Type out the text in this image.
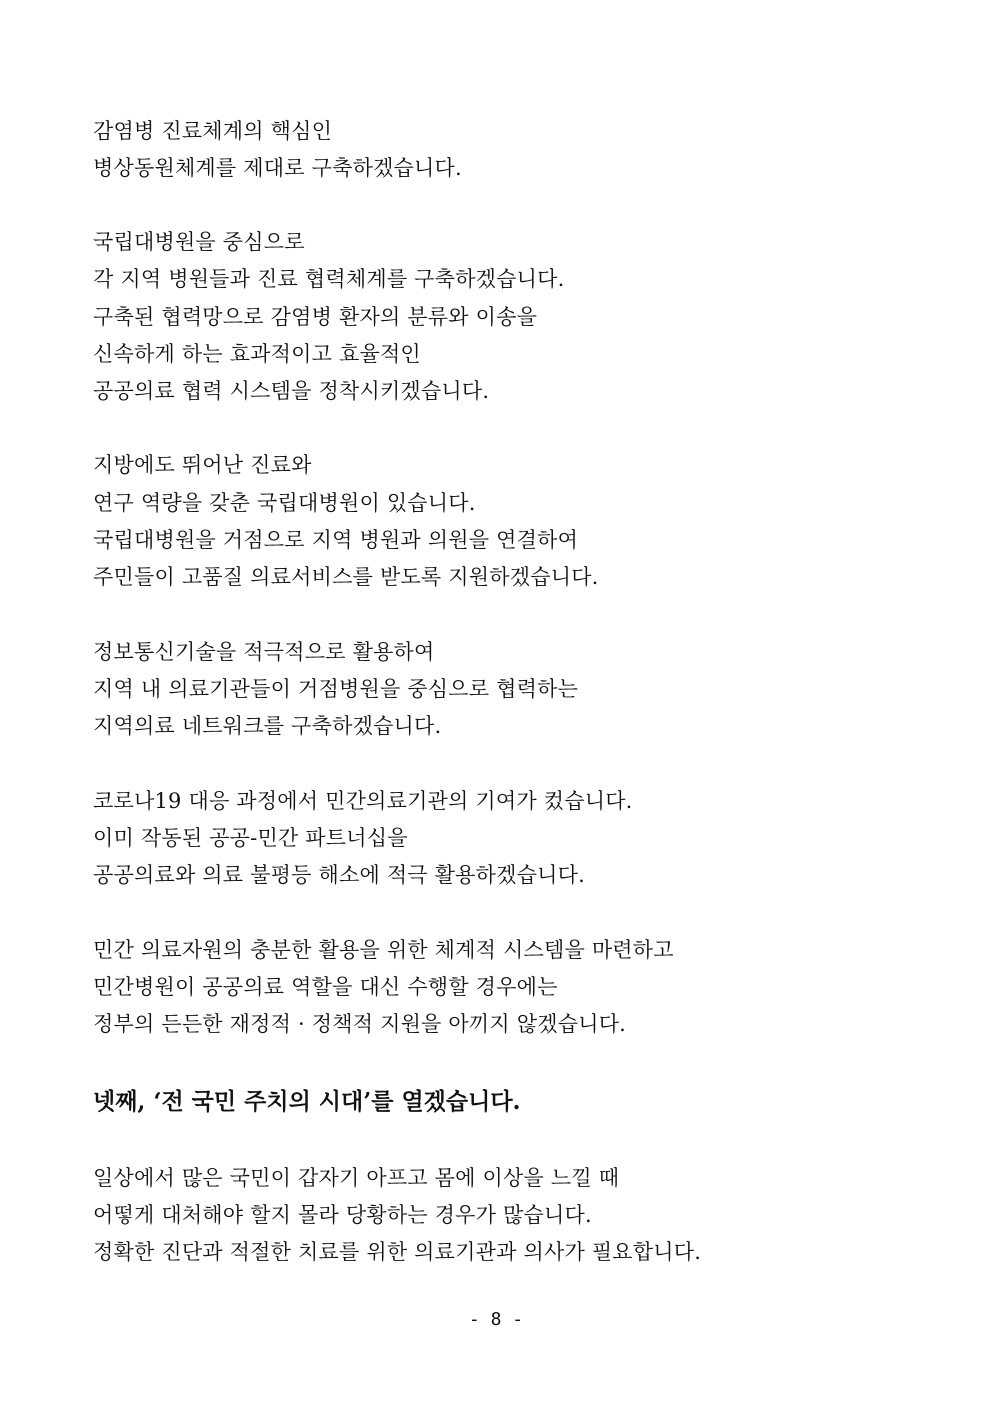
감염병 진료체계의 핵심인
병상동원체계를 제대로 구축하겠습니다.
국립대병원을 중심으로
각 지역 병원들과 진료 협력체계를 구축하겠습니다.
구축된 협력망으로 감염병 환자의 분류와 이송을
신속하게 하는 효과적이고 효율적인
공공의료 협력 시스템을 정착시키겠습니다.
지방에도 뛰어난 진료와
연구 역량을 갖춘 국립대병원이 있습니다.
국립대병원을 거점으로 지역 병원과 의원을 연결하여
주민들이 고품질 의료서비스를 받도록 지원하겠습니다.
정보통신기술을 적극적으로 활용하여
지역 내 의료기관들이 거점병원을 중심으로 협력하는
지역의료 네트워크를 구축하겠습니다.
코로나19 대응 과정에서 민간의료기관의 기여가 컸습니다.
이미 작동된 공공-민간 파트너십을
공공의료와 의료 불평등 해소에 적극 활용하겠습니다.
민간 의료자원의 충분한 활용을 위한 체계적 시스템을 마련하고
민간병원이 공공의료 역할을 대신 수행할 경우에는
정부의 든든한 재정적 · 정책적 지원을 아끼지 않겠습니다.
넷째, ‘전 국민 주치의 시대’를 열겠습니다.
일상에서 많은 국민이 갑자기 아프고 몸에 이상을 느낄 때
어떻게 대처해야 할지 몰라 당황하는 경우가 많습니다.
정확한 진단과 적절한 치료를 위한 의료기관과 의사가 필요합니다.
- 8 -
